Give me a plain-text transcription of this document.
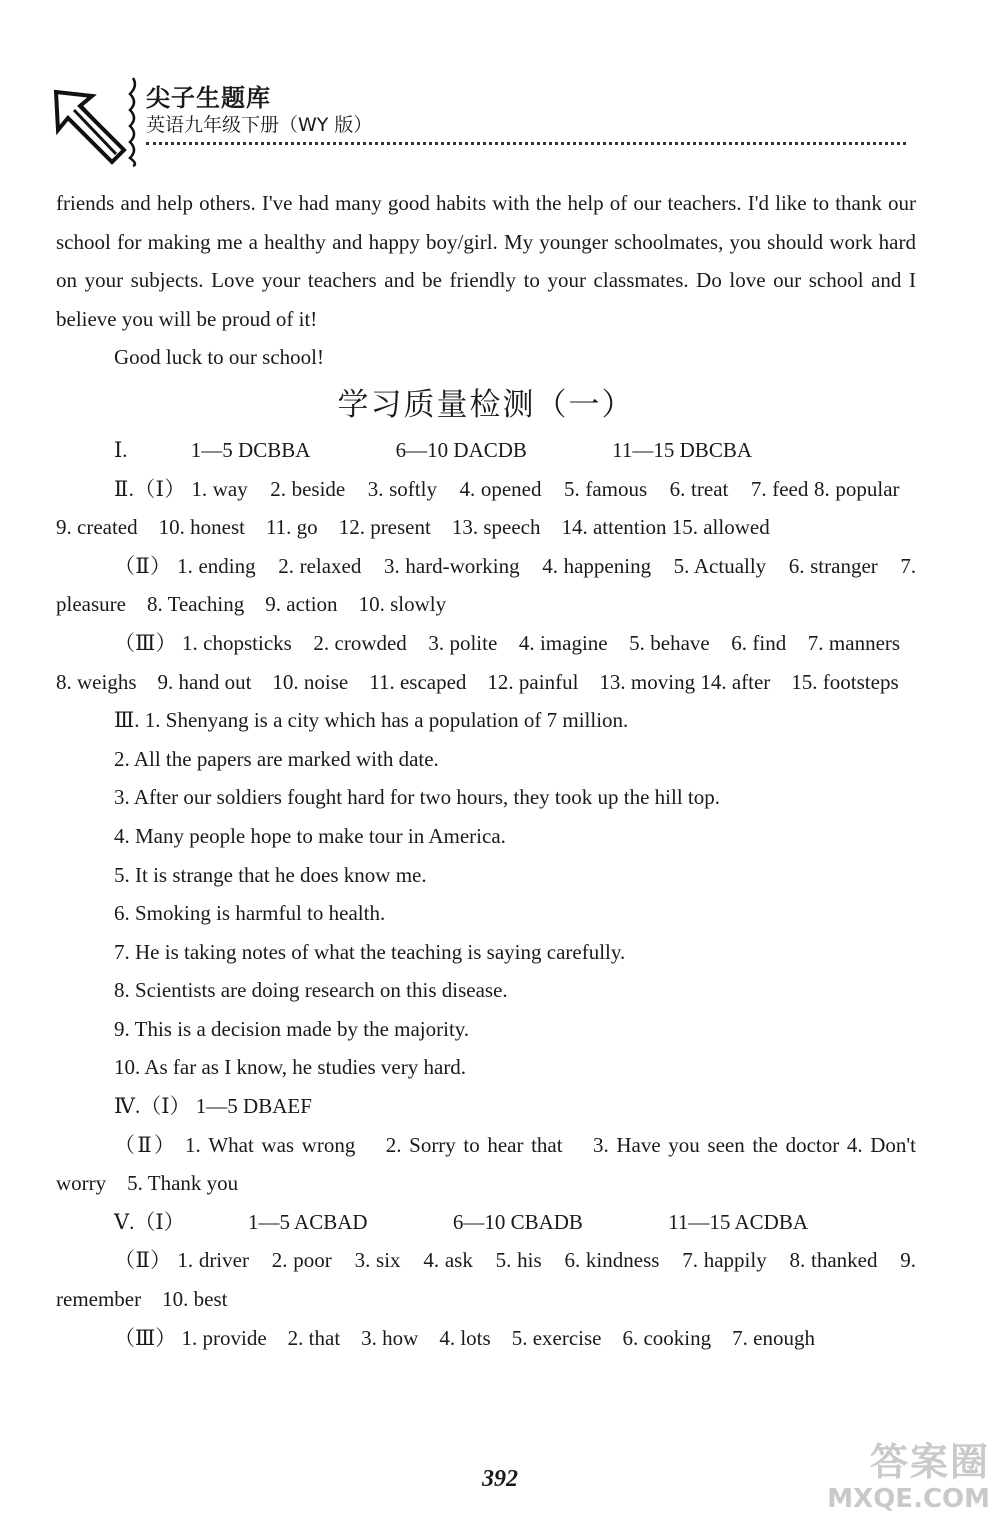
尖子生题库
英语九年级下册（WY 版）

friends and help others. I've had many good habits with the help of our teachers. I'd like to thank our school for making me a healthy and happy boy/girl. My younger schoolmates, you should work hard on your subjects. Love your teachers and be friendly to your classmates. Do love our school and I believe you will be proud of it!

Good luck to our school!

学习质量检测（一）

Ⅰ.	1—5 DCBBA	6—10 DACDB	11—15 DBCBA

Ⅱ.（Ⅰ） 1. way 2. beside 3. softly 4. opened 5. famous 6. treat 7. feed 8. popular    9. created 10. honest 11. go 12. present 13. speech 14. attention 15. allowed

（Ⅱ） 1. ending 2. relaxed 3. hard-working 4. happening 5. Actually 6. stranger 7. pleasure 8. Teaching 9. action 10. slowly

（Ⅲ） 1. chopsticks 2. crowded 3. polite 4. imagine 5. behave 6. find 7. manners    8. weighs 9. hand out 10. noise 11. escaped 12. painful 13. moving 14. after 15. footsteps

Ⅲ. 1. Shenyang is a city which has a population of 7 million.

2. All the papers are marked with date.

3. After our soldiers fought hard for two hours, they took up the hill top.

4. Many people hope to make tour in America.

5. It is strange that he does know me.

6. Smoking is harmful to health.

7. He is taking notes of what the teaching is saying carefully.

8. Scientists are doing research on this disease.

9. This is a decision made by the majority.

10. As far as I know, he studies very hard.

Ⅳ.（Ⅰ） 1—5 DBAEF

（Ⅱ） 1. What was wrong 2. Sorry to hear that 3. Have you seen the doctor 4. Don't worry 5. Thank you

Ⅴ.（Ⅰ）	1—5 ACBAD	6—10 CBADB	11—15 ACDBA

（Ⅱ） 1. driver 2. poor 3. six 4. ask 5. his 6. kindness 7. happily 8. thanked 9. remember 10. best

（Ⅲ） 1. provide 2. that 3. how 4. lots 5. exercise 6. cooking 7. enough

392	答案圈
MXQE.COM
